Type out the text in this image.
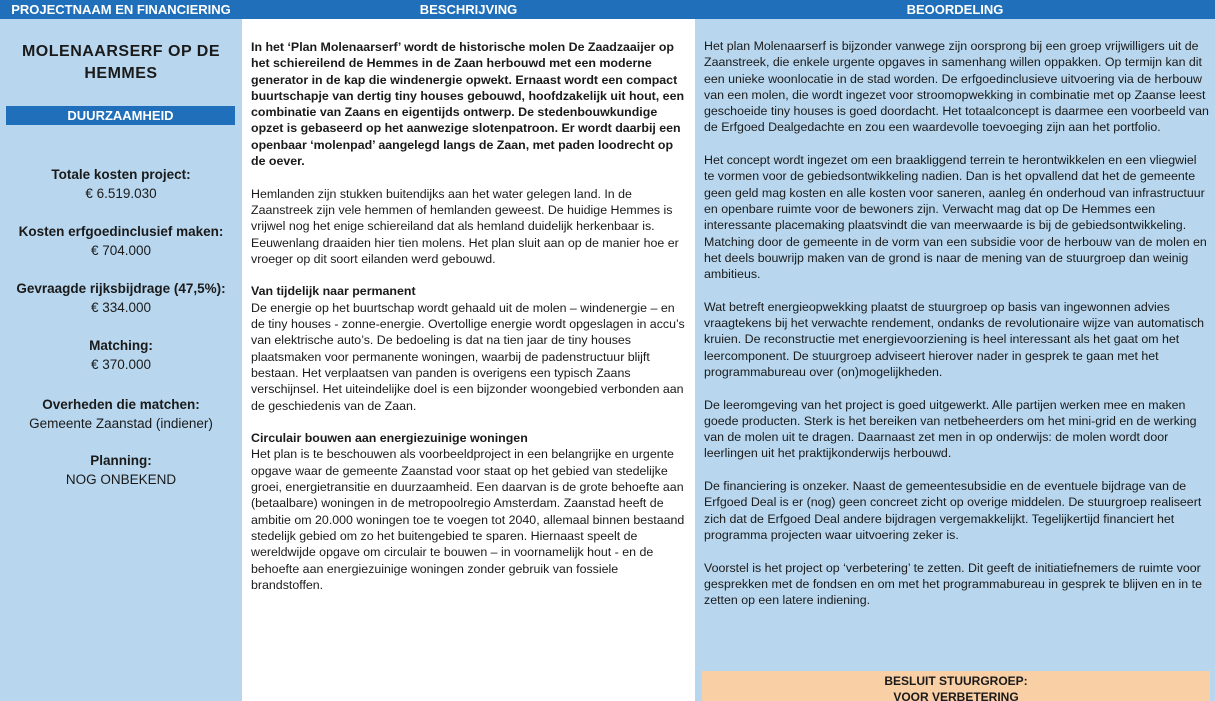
PROJECTNAAM EN FINANCIERING	BESCHRIJVING	BEOORDELING
MOLENAARSERF OP DE HEMMES
DUURZAAMHEID
Totale kosten project:
€ 6.519.030
Kosten erfgoedinclusief maken:
€ 704.000
Gevraagde rijksbijdrage (47,5%):
€ 334.000
Matching:
€ 370.000
Overheden die matchen:
Gemeente Zaanstad (indiener)
Planning:
NOG ONBEKEND

In het ‘Plan Molenaarserf’ wordt de historische molen De Zaadzaaijer op het schiereilend de Hemmes in de Zaan herbouwd met een moderne generator in de kap die windenergie opwekt. Ernaast wordt een compact buurtschapje van dertig tiny houses gebouwd, hoofdzakelijk uit hout, een combinatie van Zaans en eigentijds ontwerp. De stedenbouwkundige opzet is gebaseerd op het aanwezige slotenpatroon. Er wordt daarbij een openbaar ‘molenpad’ aangelegd langs de Zaan, met paden loodrecht op de oever.

Hemlanden zijn stukken buitendijks aan het water gelegen land. In de Zaanstreek zijn vele hemmen of hemlanden geweest. De huidige Hemmes is vrijwel nog het enige schiereiland dat als hemland duidelijk herkenbaar is. Eeuwenlang draaiden hier tien molens. Het plan sluit aan op de manier hoe er vroeger op dit soort eilanden werd gebouwd.

Van tijdelijk naar permanent
De energie op het buurtschap wordt gehaald uit de molen – windenergie – en de tiny houses - zonne-energie. Overtollige energie wordt opgeslagen in accu’s van elektrische auto’s. De bedoeling is dat na tien jaar de tiny houses plaatsmaken voor permanente woningen, waarbij de padenstructuur blijft bestaan. Het verplaatsen van panden is overigens een typisch Zaans verschijnsel. Het uiteindelijke doel is een bijzonder woongebied verbonden aan de geschiedenis van de Zaan.
Circulair bouwen aan energiezuinige woningen
Het plan is te beschouwen als voorbeeldproject in een belangrijke en urgente opgave waar de gemeente Zaanstad voor staat op het gebied van stedelijke groei, energietransitie en duurzaamheid. Een daarvan is de grote behoefte aan (betaalbare) woningen in de metropoolregio Amsterdam. Zaanstad heeft de ambitie om 20.000 woningen toe te voegen tot 2040, allemaal binnen bestaand stedelijk gebied om zo het buitengebied te sparen. Hiernaast speelt de wereldwijde opgave om circulair te bouwen – in voornamelijk hout - en de behoefte aan energiezuinige woningen zonder gebruik van fossiele brandstoffen.

Het plan Molenaarserf is bijzonder vanwege zijn oorsprong bij een groep vrijwilligers uit de Zaanstreek, die enkele urgente opgaves in samenhang willen oppakken. Op termijn kan dit een unieke woonlocatie in de stad worden. De erfgoedinclusieve uitvoering via de herbouw van een molen, die wordt ingezet voor stroomopwekking in combinatie met op Zaanse leest geschoeide tiny houses is goed doordacht. Het totaalconcept is daarmee een voorbeeld van de Erfgoed Dealgedachte en zou een waardevolle toevoeging zijn aan het portfolio.

Het concept wordt ingezet om een braakliggend terrein te herontwikkelen en een vliegwiel te vormen voor de gebiedsontwikkeling nadien. Dan is het opvallend dat het de gemeente geen geld mag kosten en alle kosten voor saneren, aanleg én onderhoud van infrastructuur en openbare ruimte voor de bewoners zijn. Verwacht mag dat op De Hemmes een interessante placemaking plaatsvindt die van meerwaarde is bij de gebiedsontwikkeling. Matching door de gemeente in de vorm van een subsidie voor de herbouw van de molen en het deels bouwrijp maken van de grond is naar de mening van de stuurgroep dan weinig ambitieus.

Wat betreft energieopwekking plaatst de stuurgroep op basis van ingewonnen advies vraagtekens bij het verwachte rendement, ondanks de revolutionaire wijze van automatisch kruien. De reconstructie met energievoorziening is heel interessant als het gaat om het leercomponent. De stuurgroep adviseert hierover nader in gesprek te gaan met het programmabureau over (on)mogelijkheden.

De leeromgeving van het project is goed uitgewerkt. Alle partijen werken mee en maken goede producten. Sterk is het bereiken van netbeheerders om het mini-grid en de werking van de molen uit te dragen. Daarnaast zet men in op onderwijs: de molen wordt door leerlingen uit het praktijkonderwijs herbouwd.

De financiering is onzeker. Naast de gemeentesubsidie en de eventuele bijdrage van de Erfgoed Deal is er (nog) geen concreet zicht op overige middelen. De stuurgroep realiseert zich dat de Erfgoed Deal andere bijdragen vergemakkelijkt. Tegelijkertijd financiert het programma projecten waar uitvoering zeker is.

Voorstel is het project op ‘verbetering’ te zetten. Dit geeft de initiatiefnemers de ruimte voor gesprekken met de fondsen en om met het programmabureau in gesprek te blijven en in te zetten op een latere indiening.

BESLUIT STUURGROEP:
VOOR VERBETERING
